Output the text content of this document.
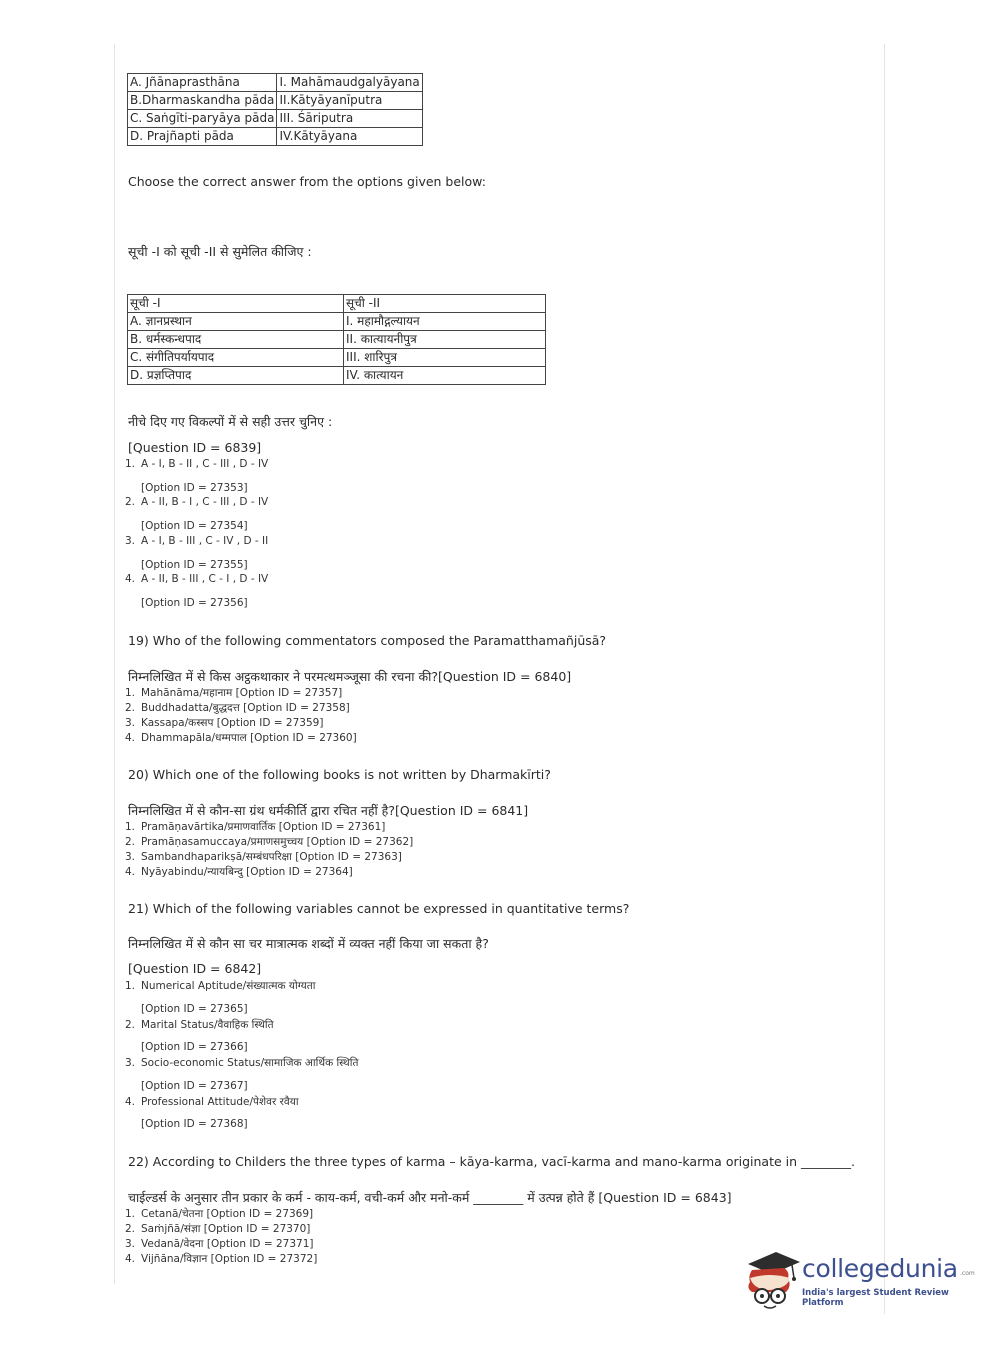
A. Jñānaprasthāna	I. Mahāmaudgalyāyana
B.Dharmaskandha pāda	II.Kātyāyanīputra
C. Saṅgīti-paryāya pāda	III. Śāriputra
D. Prajñapti pāda	IV.Kātyāyana
Choose the correct answer from the options given below:
सूची -I को सूची -II से सुमेलित कीजिए :
सूची -I	सूची -II
A. ज्ञानप्रस्थान	I. महामौद्गल्यायन
B. धर्मस्कन्धपाद	II. कात्यायनीपुत्र
C. संगीतिपर्यायपाद	III. शारिपुत्र
D. प्रज्ञप्तिपाद	IV. कात्यायन
नीचे दिए गए विकल्पों में से सही उत्तर चुनिए :
[Question ID = 6839]
1. A - I, B - II , C - III , D - IV
[Option ID = 27353]
2. A - II, B - I , C - III , D - IV
[Option ID = 27354]
3. A - I, B - III , C - IV , D - II
[Option ID = 27355]
4. A - II, B - III , C - I , D - IV
[Option ID = 27356]
19) Who of the following commentators composed the Paramatthamañjūsā?
निम्नलिखित में से किस अट्ठकथाकार ने परमत्थमञ्जूसा की रचना की?[Question ID = 6840]
1. Mahānāma/महानाम [Option ID = 27357]
2. Buddhadatta/बुद्धदत्त [Option ID = 27358]
3. Kassapa/कस्सप [Option ID = 27359]
4. Dhammapāla/धम्मपाल [Option ID = 27360]
20) Which one of the following books is not written by Dharmakīrti?
निम्नलिखित में से कौन-सा ग्रंथ धर्मकीर्ति द्वारा रचित नहीं है?[Question ID = 6841]
1. Pramāṇavārtika/प्रमाणवार्तिक [Option ID = 27361]
2. Pramāṇasamuccaya/प्रमाणसमुच्चय [Option ID = 27362]
3. Sambandhaparikṣā/सम्बंधपरिक्षा [Option ID = 27363]
4. Nyāyabindu/न्यायबिन्दु [Option ID = 27364]
21) Which of the following variables cannot be expressed in quantitative terms?
निम्नलिखित में से कौन सा चर मात्रात्मक शब्दों में व्यक्त नहीं किया जा सकता है?
[Question ID = 6842]
1. Numerical Aptitude/संख्यात्मक योग्यता
[Option ID = 27365]
2. Marital Status/वैवाहिक स्थिति
[Option ID = 27366]
3. Socio-economic Status/सामाजिक आर्थिक स्थिति
[Option ID = 27367]
4. Professional Attitude/पेशेवर रवैया
[Option ID = 27368]
22) According to Childers the three types of karma – kāya-karma, vacī-karma and mano-karma originate in ________.
चाईल्डर्स के अनुसार तीन प्रकार के कर्म - काय-कर्म, वची-कर्म और मनो-कर्म ________ में उत्पन्न होते हैं [Question ID = 6843]
1. Cetanā/चेतना [Option ID = 27369]
2. Saṁjñā/संज्ञा [Option ID = 27370]
3. Vedanā/वेदना [Option ID = 27371]
4. Vijñāna/विज्ञान [Option ID = 27372]	collegedunia .com
India's largest Student Review Platform
